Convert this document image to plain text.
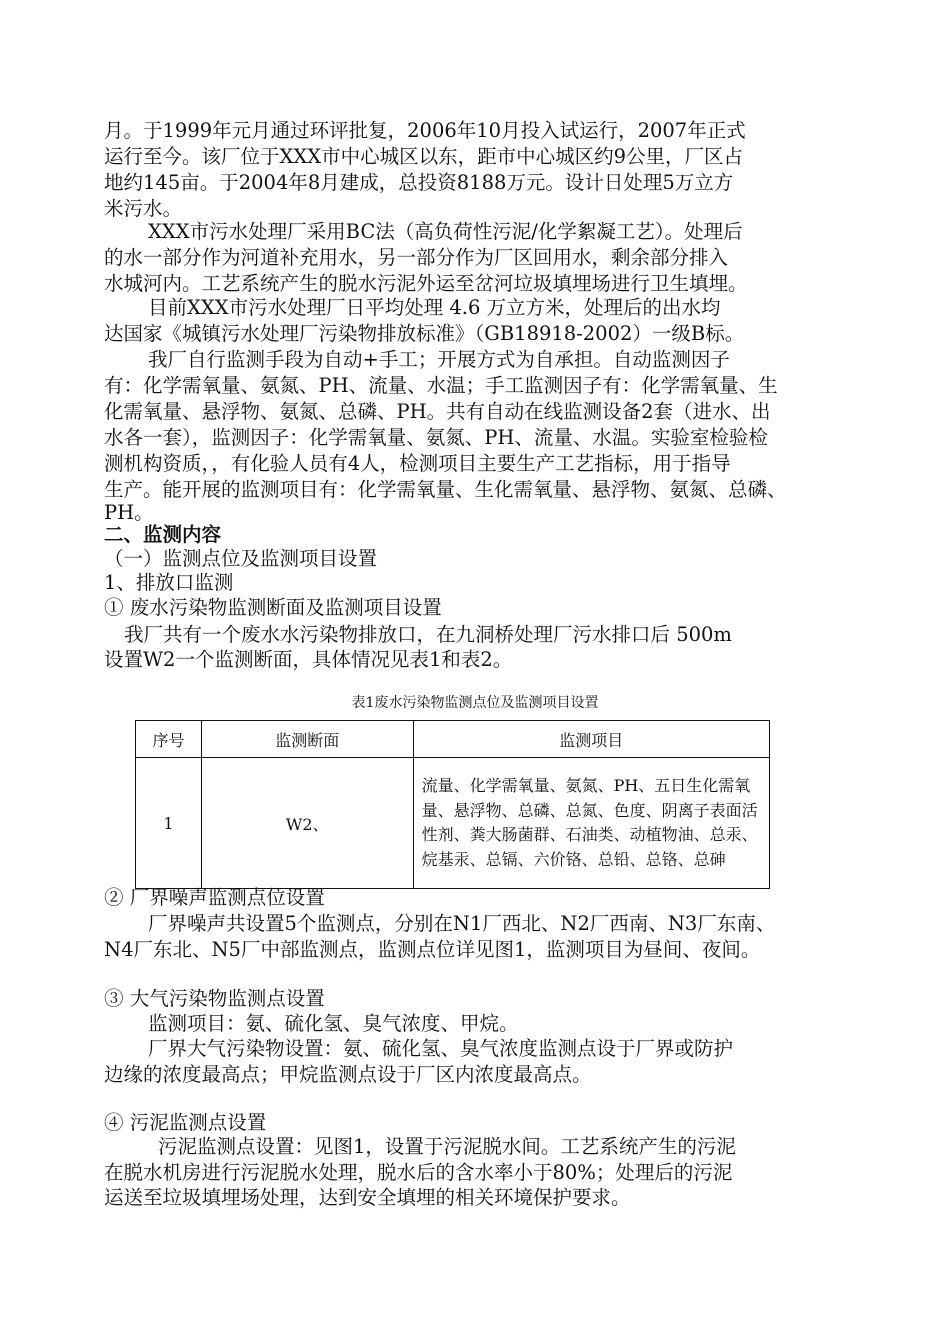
月。于1999年元月通过环评批复，2006年10月投入试运行，2007年正式
运行至今。该厂位于XXX市中心城区以东，距市中心城区约9公里，厂区占
地约145亩。于2004年8月建成，总投资8188万元。设计日处理5万立方
米污水。
XXX市污水处理厂采用BC法（高负荷性污泥/化学絮凝工艺）。处理后
的水一部分作为河道补充用水，另一部分作为厂区回用水，剩余部分排入
水城河内。工艺系统产生的脱水污泥外运至岔河垃圾填埋场进行卫生填埋。
目前XXX市污水处理厂日平均处理 4.6 万立方米，处理后的出水均
达国家《城镇污水处理厂污染物排放标准》（GB18918-2002）一级B标。
我厂自行监测手段为自动+手工；开展方式为自承担。自动监测因子
有：化学需氧量、氨氮、PH、流量、水温；手工监测因子有：化学需氧量、生
化需氧量、悬浮物、氨氮、总磷、PH。共有自动在线监测设备2套（进水、出
水各一套），监测因子：化学需氧量、氨氮、PH、流量、水温。实验室检验检
测机构资质，，有化验人员有4人，检测项目主要生产工艺指标，用于指导
生产。能开展的监测项目有：化学需氧量、生化需氧量、悬浮物、氨氮、总磷、
PH。
二、监测内容
（一）监测点位及监测项目设置
1、排放口监测
① 废水污染物监测断面及监测项目设置
我厂共有一个废水水污染物排放口，在九洞桥处理厂污水排口后 500m
设置W2一个监测断面，具体情况见表1和表2。
表1废水污染物监测点位及监测项目设置
序号	监测断面	监测项目
1	W2、	流量、化学需氧量、氨氮、PH、五日生化需氧量、悬浮物、总磷、总氮、色度、阴离子表面活性剂、粪大肠菌群、石油类、动植物油、总汞、烷基汞、总镉、六价铬、总铅、总铬、总砷
② 厂界噪声监测点位设置
厂界噪声共设置5个监测点，分别在N1厂西北、N2厂西南、N3厂东南、
N4厂东北、N5厂中部监测点，监测点位详见图1，监测项目为昼间、夜间。
③ 大气污染物监测点设置
监测项目：氨、硫化氢、臭气浓度、甲烷。
厂界大气污染物设置：氨、硫化氢、臭气浓度监测点设于厂界或防护
边缘的浓度最高点；甲烷监测点设于厂区内浓度最高点。
④ 污泥监测点设置
污泥监测点设置：见图1，设置于污泥脱水间。工艺系统产生的污泥
在脱水机房进行污泥脱水处理，脱水后的含水率小于80%；处理后的污泥
运送至垃圾填埋场处理，达到安全填埋的相关环境保护要求。
